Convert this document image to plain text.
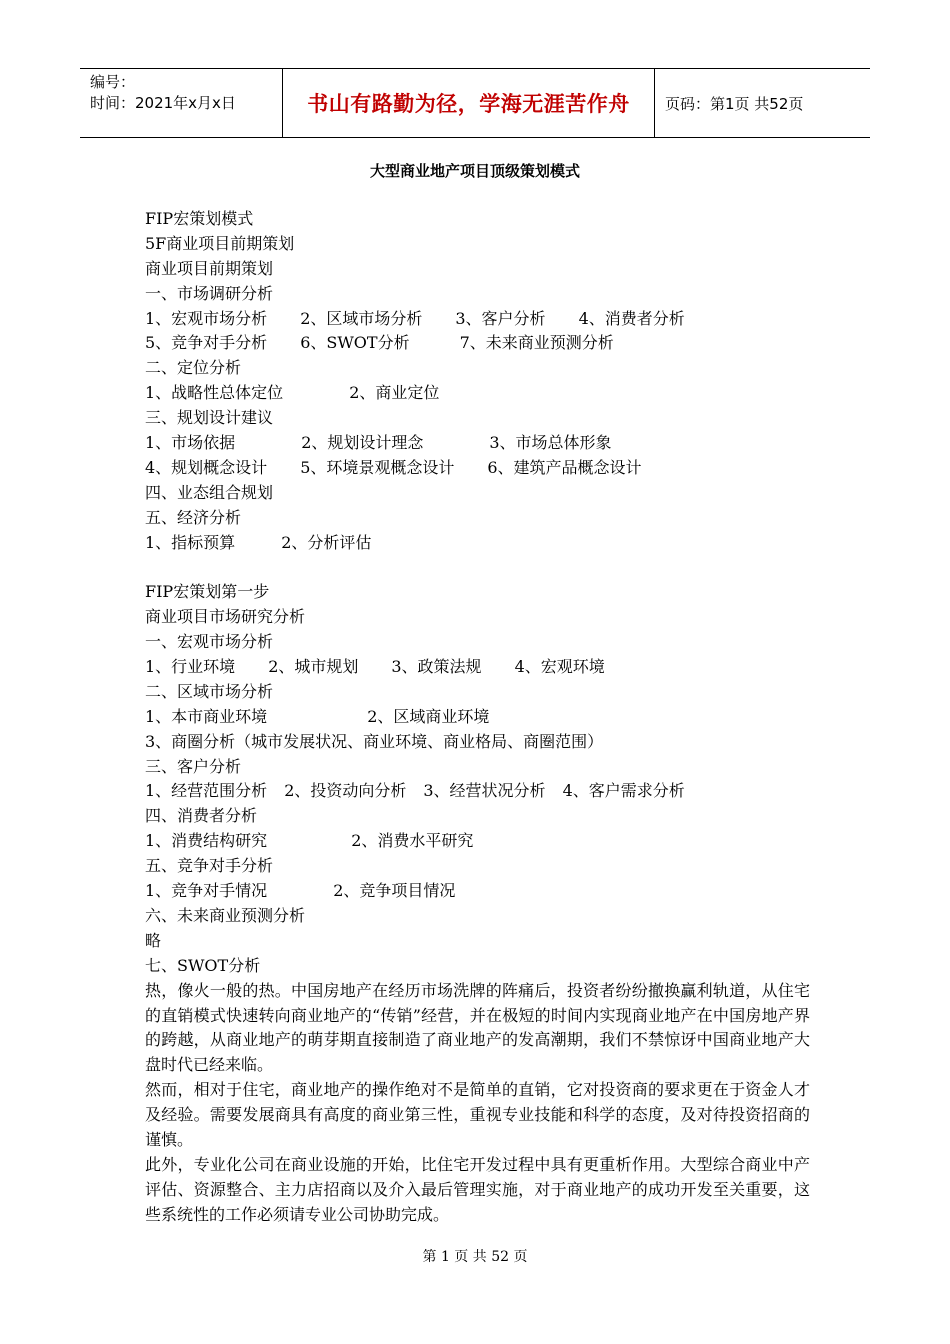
编号：
时间：2021年x月x日	书山有路勤为径，学海无涯苦作舟 页码：第1页 共52页
大型商业地产项目顶级策划模式
FIP宏策划模式
5F商业项目前期策划
商业项目前期策划
一、市场调研分析
1、宏观市场分析 2、区域市场分析 3、客户分析 4、消费者分析
5、竞争对手分析 6、SWOT分析	7、未来商业预测分析
二、定位分析
1、战略性总体定位	2、商业定位
三、规划设计建议
1、市场依据	2、规划设计理念	3、市场总体形象
4、规划概念设计 5、环境景观概念设计 6、建筑产品概念设计
四、业态组合规划
五、经济分析
1、指标预算	2、分析评估
FIP宏策划第一步
商业项目市场研究分析
一、宏观市场分析
1、行业环境 2、城市规划 3、政策法规 4、宏观环境
二、区域市场分析
1、本市商业环境	2、区域商业环境
3、商圈分析（城市发展状况、商业环境、商业格局、商圈范围）
三、客户分析
1、经营范围分析 2、投资动向分析 3、经营状况分析 4、客户需求分析
四、消费者分析
1、消费结构研究	2、消费水平研究
五、竞争对手分析
1、竞争对手情况	2、竞争项目情况
六、未来商业预测分析
略
七、SWOT分析
热，像火一般的热。中国房地产在经历市场洗牌的阵痛后，投资者纷纷撤换赢利轨道，从住宅的直销模式快速转向商业地产的“传销”经营，并在极短的时间内实现商业地产在中国房地产界的跨越，从商业地产的萌芽期直接制造了商业地产的发高潮期，我们不禁惊讶中国商业地产大盘时代已经来临。
然而，相对于住宅，商业地产的操作绝对不是简单的直销，它对投资商的要求更在于资金人才及经验。需要发展商具有高度的商业第三性，重视专业技能和科学的态度，及对待投资招商的谨慎。
此外，专业化公司在商业设施的开始，比住宅开发过程中具有更重析作用。大型综合商业中产评估、资源整合、主力店招商以及介入最后管理实施，对于商业地产的成功开发至关重要，这些系统性的工作必须请专业公司协助完成。
第 1 页 共 52 页
